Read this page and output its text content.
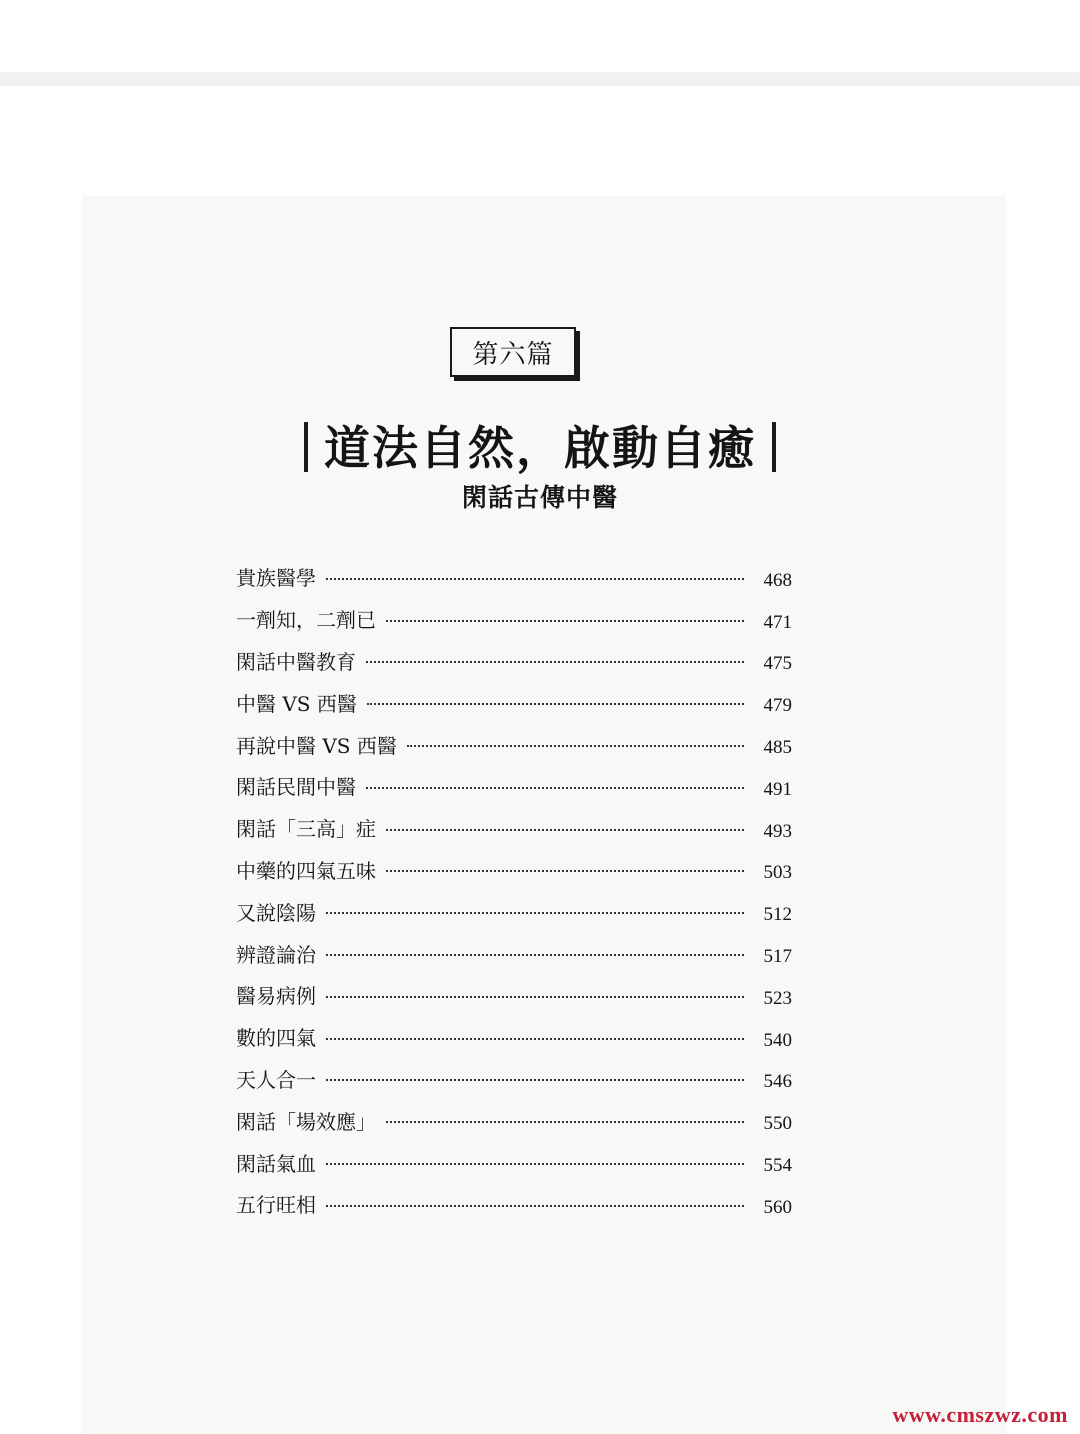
第六篇
道法自然，啟動自癒
閑話古傳中醫
貴族醫學	468
一劑知，二劑已	471
閑話中醫教育	475
中醫 VS 西醫	479
再說中醫 VS 西醫	485
閑話民間中醫	491
閑話「三高」症	493
中藥的四氣五味	503
又說陰陽	512
辨證論治	517
醫易病例	523
數的四氣	540
天人合一	546
閑話「場效應」	550
閑話氣血	554
五行旺相	560
www.cmszwz.com
